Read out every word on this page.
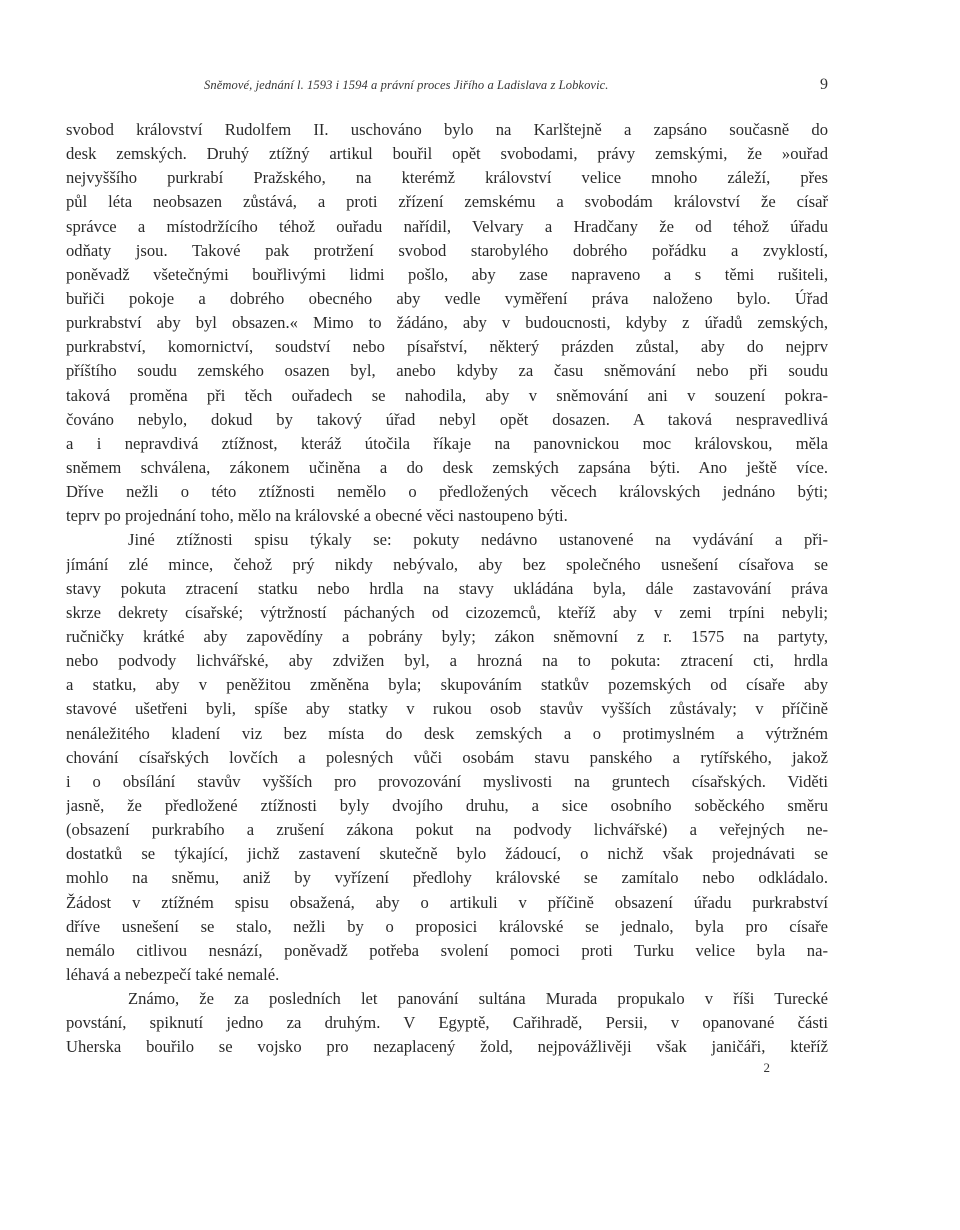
Sněmové, jednání l. 1593 i 1594 a právní proces Jiřího a Ladislava z Lobkovic.	9
svobod království Rudolfem II. uschováno bylo na Karlštejně a zapsáno současně do
desk zemských. Druhý ztížný artikul bouřil opět svobodami, právy zemskými, že »ouřad
nejvyššího purkrabí Pražského, na kterémž království velice mnoho záleží, přes
půl léta neobsazen zůstává, a proti zřízení zemskému a svobodám království že císař
správce a místodržícího téhož ouřadu nařídil, Velvary a Hradčany že od téhož úřadu
odňaty jsou. Takové pak protržení svobod starobylého dobrého pořádku a zvyklostí,
poněvadž všetečnými bouřlivými lidmi pošlo, aby zase napraveno a s těmi rušiteli,
buřiči pokoje a dobrého obecného aby vedle vyměření práva naloženo bylo. Úřad
purkrabství aby byl obsazen.« Mimo to žádáno, aby v budoucnosti, kdyby z úřadů zemských,
purkrabství, komornictví, soudství nebo písařství, některý prázden zůstal, aby do nejprv
příštího soudu zemského osazen byl, anebo kdyby za času sněmování nebo při soudu
taková proměna při těch ouřadech se nahodila, aby v sněmování ani v souzení pokra-
čováno nebylo, dokud by takový úřad nebyl opět dosazen. A taková nespravedlivá
a i nepravdivá ztížnost, kteráž útočila říkaje na panovnickou moc královskou, měla
sněmem schválena, zákonem učiněna a do desk zemských zapsána býti. Ano ještě více.
Dříve nežli o této ztížnosti nemělo o předložených věcech královských jednáno býti;
teprv po projednání toho, mělo na královské a obecné věci nastoupeno býti.
Jiné ztížnosti spisu týkaly se: pokuty nedávno ustanovené na vydávání a při-
jímání zlé mince, čehož prý nikdy nebývalo, aby bez společného usnešení císařova se
stavy pokuta ztracení statku nebo hrdla na stavy ukládána byla, dále zastavování práva
skrze dekrety císařské; výtržností páchaných od cizozemců, kteříž aby v zemi trpíni nebyli;
ručničky krátké aby zapovědíny a pobrány byly; zákon sněmovní z r. 1575 na partyty,
nebo podvody lichvářské, aby zdvižen byl, a hrozná na to pokuta: ztracení cti, hrdla
a statku, aby v peněžitou změněna byla; skupováním statkův pozemských od císaře aby
stavové ušetřeni byli, spíše aby statky v rukou osob stavův vyšších zůstávaly; v příčině
nenáležitého kladení viz bez místa do desk zemských a o protimyslném a výtržném
chování císařských lovčích a polesných vůči osobám stavu panského a rytířského, jakož
i o obsílání stavův vyšších pro provozování myslivosti na gruntech císařských. Viděti
jasně, že předložené ztížnosti byly dvojího druhu, a sice osobního soběckého směru
(obsazení purkrabího a zrušení zákona pokut na podvody lichvářské) a veřejných ne-
dostatků se týkající, jichž zastavení skutečně bylo žádoucí, o nichž však projednávati se
mohlo na sněmu, aniž by vyřízení předlohy královské se zamítalo nebo odkládalo.
Žádost v ztížném spisu obsažená, aby o artikuli v příčině obsazení úřadu purkrabství
dříve usnešení se stalo, nežli by o proposici královské se jednalo, byla pro císaře
nemálo citlivou nesnází, poněvadž potřeba svolení pomoci proti Turku velice byla na-
léhavá a nebezpečí také nemalé.
Známo, že za posledních let panování sultána Murada propukalo v říši Turecké
povstání, spiknutí jedno za druhým. V Egyptě, Cařihradě, Persii, v opanované části
Uherska bouřilo se vojsko pro nezaplacený žold, nejpovážlivěji však janičáři, kteříž
2
